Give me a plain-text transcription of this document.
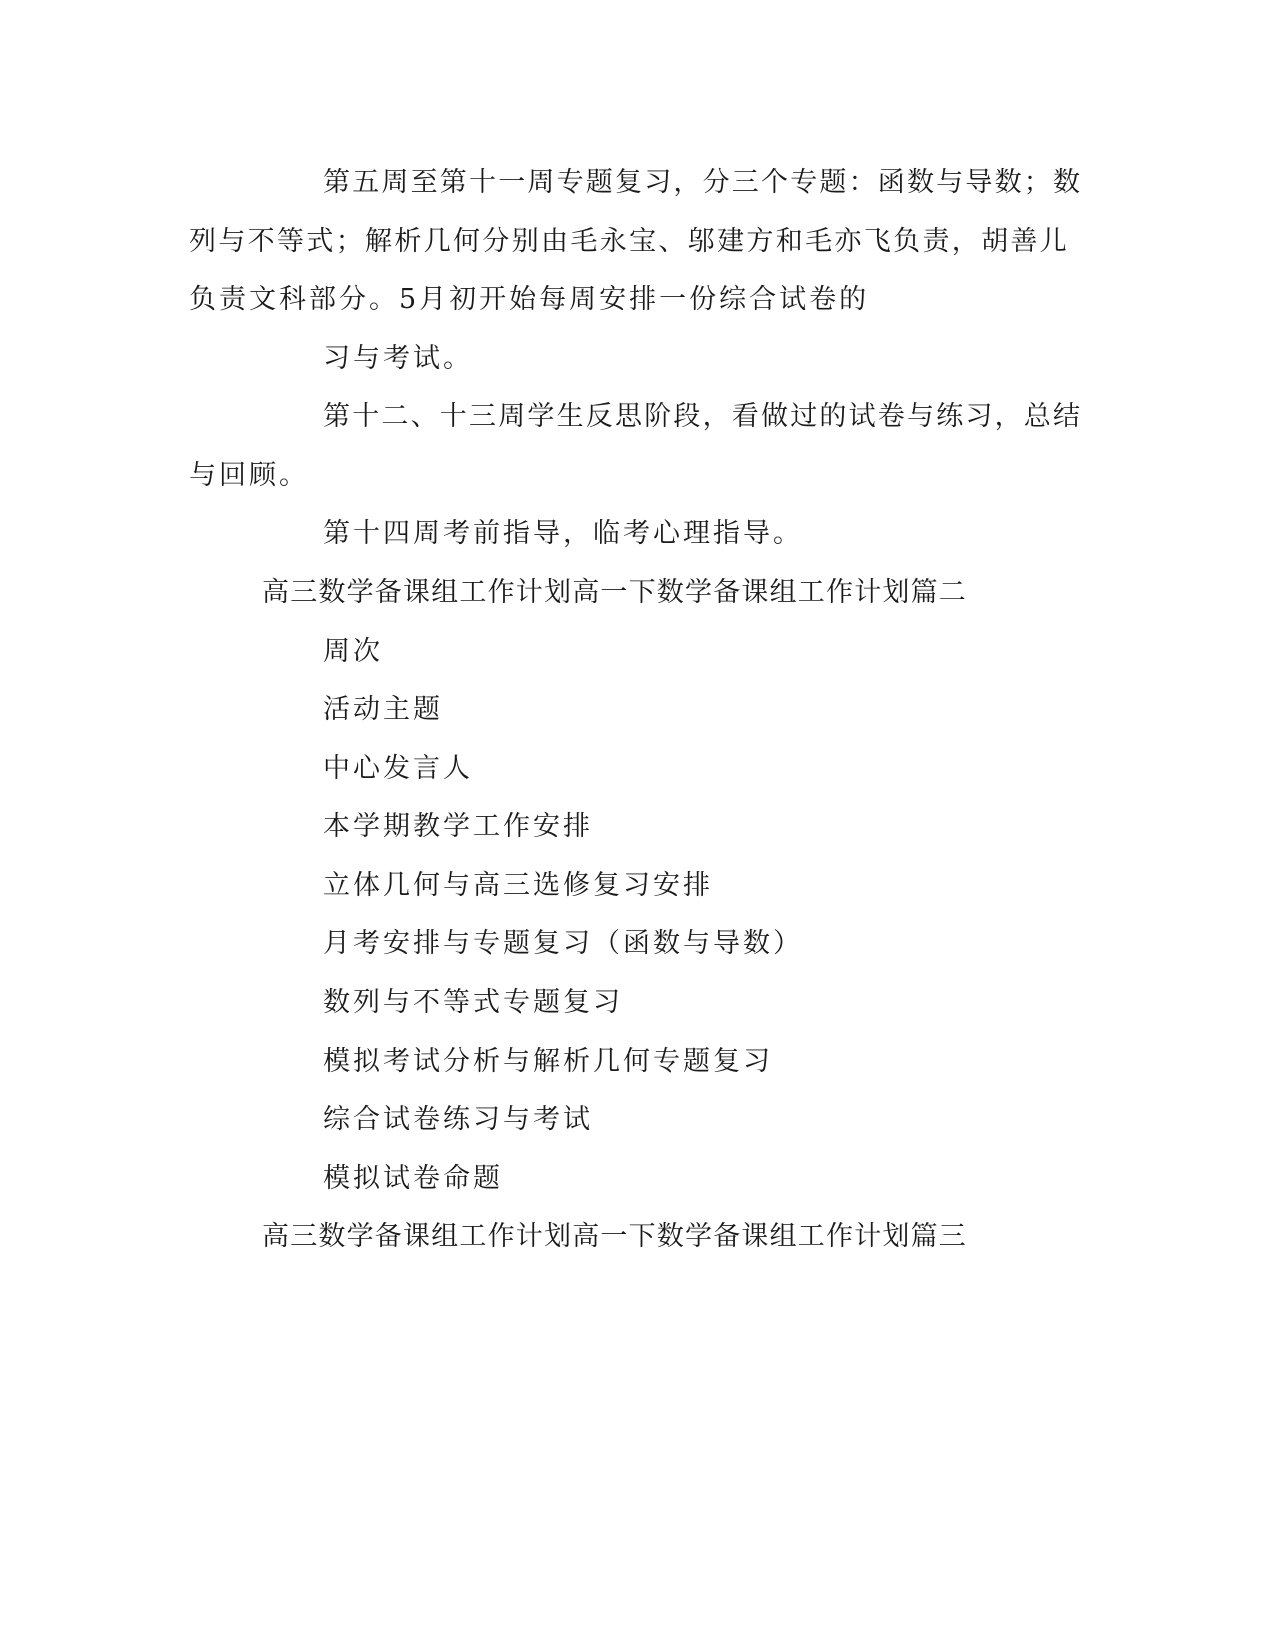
第五周至第十一周专题复习，分三个专题：函数与导数；数

列与不等式；解析几何分别由毛永宝、邬建方和毛亦飞负责，胡善儿

负责文科部分。5月初开始每周安排一份综合试卷的

习与考试。

第十二、十三周学生反思阶段，看做过的试卷与练习，总结

与回顾。

第十四周考前指导，临考心理指导。

高三数学备课组工作计划高一下数学备课组工作计划篇二

周次

活动主题

中心发言人

本学期教学工作安排

立体几何与高三选修复习安排

月考安排与专题复习（函数与导数）

数列与不等式专题复习

模拟考试分析与解析几何专题复习

综合试卷练习与考试

模拟试卷命题

高三数学备课组工作计划高一下数学备课组工作计划篇三
